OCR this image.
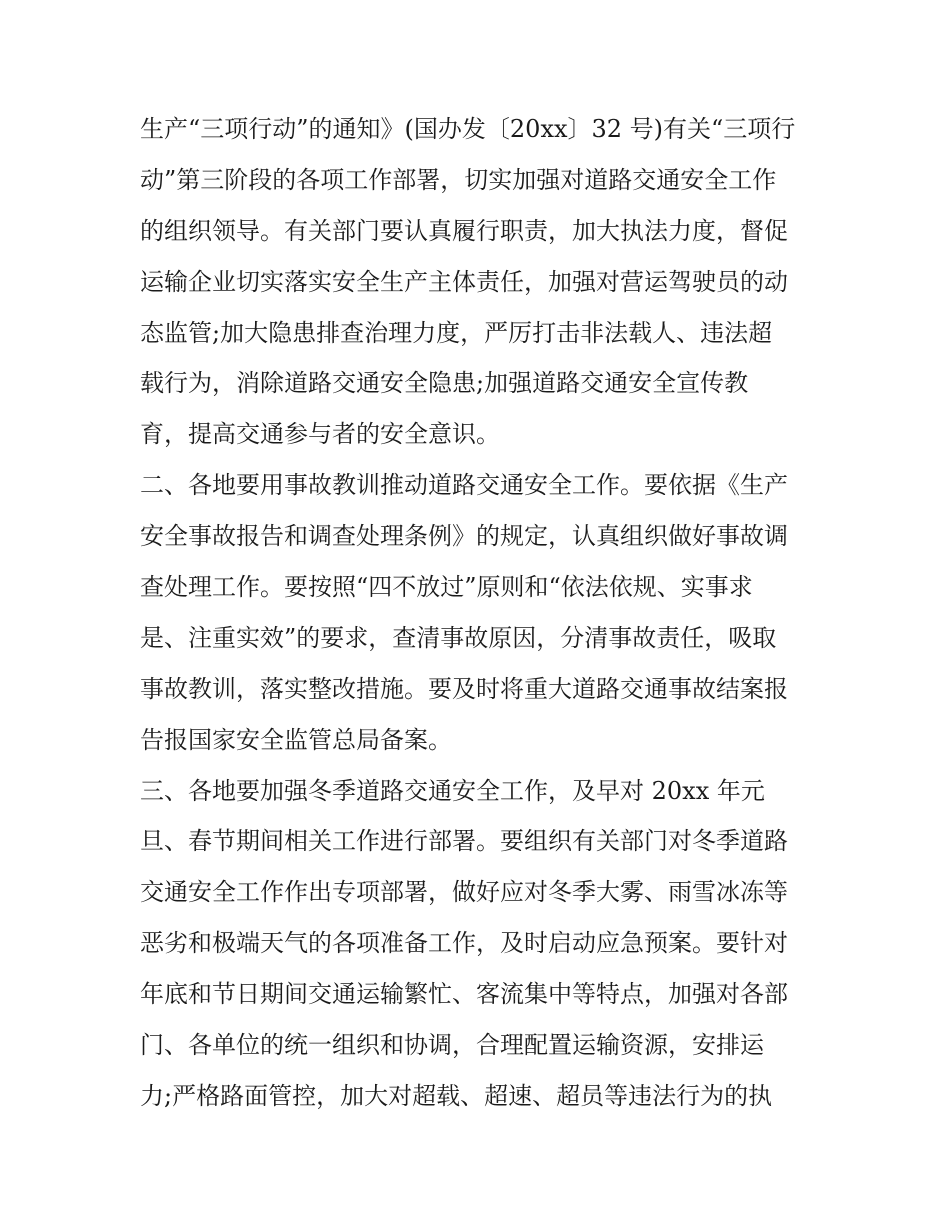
生产“三项行动”的通知》(国办发〔20xx〕32 号)有关“三项行
动”第三阶段的各项工作部署，切实加强对道路交通安全工作
的组织领导。有关部门要认真履行职责，加大执法力度，督促
运输企业切实落实安全生产主体责任，加强对营运驾驶员的动
态监管;加大隐患排查治理力度，严厉打击非法载人、违法超
载行为，消除道路交通安全隐患;加强道路交通安全宣传教
育，提高交通参与者的安全意识。
二、各地要用事故教训推动道路交通安全工作。要依据《生产
安全事故报告和调查处理条例》的规定，认真组织做好事故调
查处理工作。要按照“四不放过”原则和“依法依规、实事求
是、注重实效”的要求，查清事故原因，分清事故责任，吸取
事故教训，落实整改措施。要及时将重大道路交通事故结案报
告报国家安全监管总局备案。
三、各地要加强冬季道路交通安全工作，及早对 20xx 年元
旦、春节期间相关工作进行部署。要组织有关部门对冬季道路
交通安全工作作出专项部署，做好应对冬季大雾、雨雪冰冻等
恶劣和极端天气的各项准备工作，及时启动应急预案。要针对
年底和节日期间交通运输繁忙、客流集中等特点，加强对各部
门、各单位的统一组织和协调，合理配置运输资源，安排运
力;严格路面管控，加大对超载、超速、超员等违法行为的执
